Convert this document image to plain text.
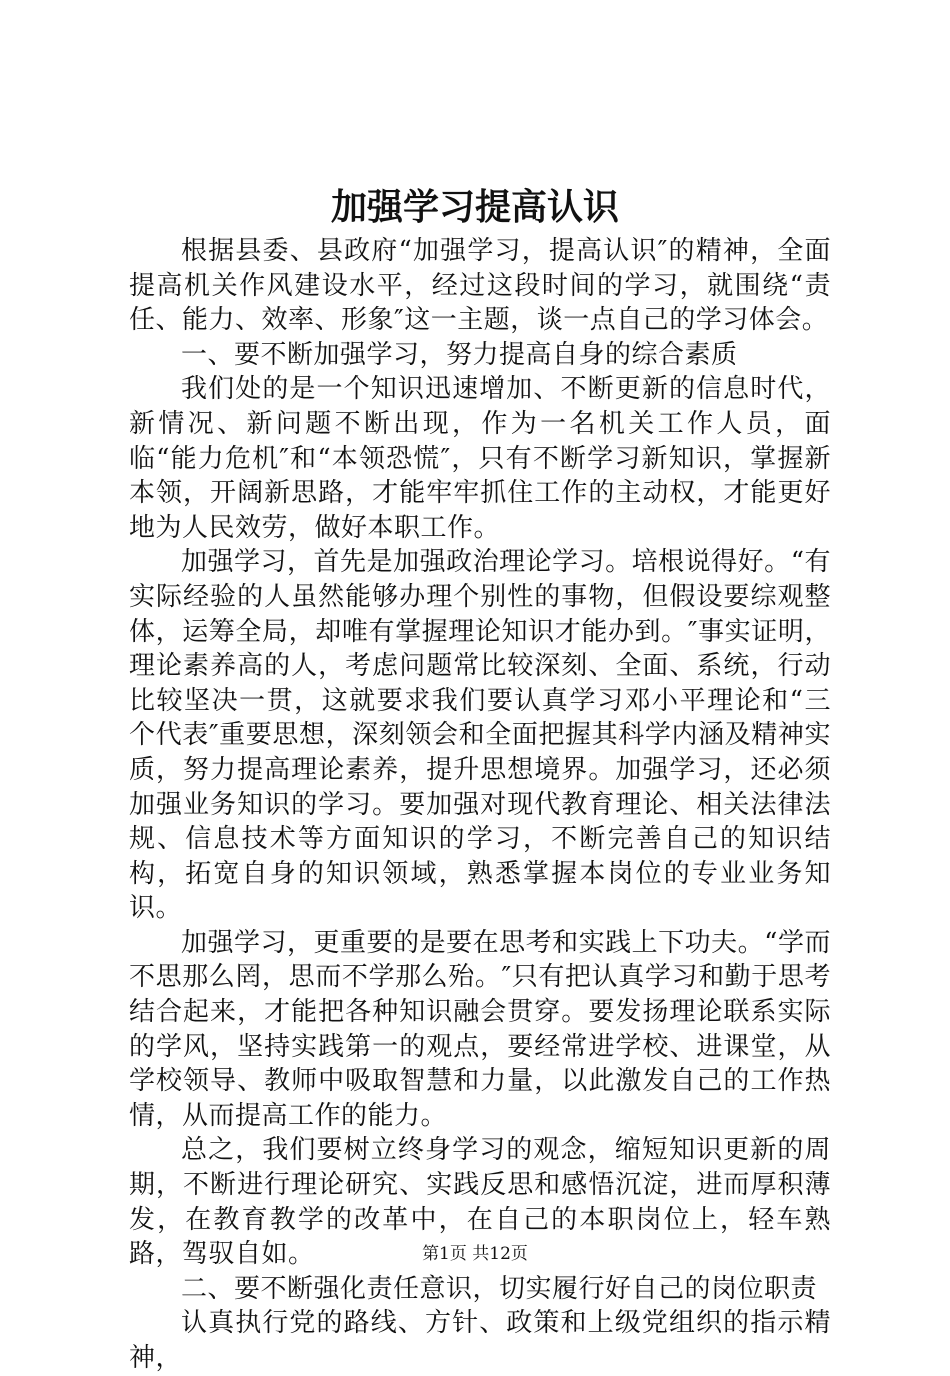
加强学习提高认识

根据县委、县政府“加强学习，提高认识″的精神，全面提高机关作风建设水平，经过这段时间的学习，就围绕“责任、能力、效率、形象″这一主题，谈一点自己的学习体会。

一、要不断加强学习，努力提高自身的综合素质

我们处的是一个知识迅速增加、不断更新的信息时代，新情况、新问题不断出现，作为一名机关工作人员，面临“能力危机″和“本领恐慌″，只有不断学习新知识，掌握新本领，开阔新思路，才能牢牢抓住工作的主动权，才能更好地为人民效劳，做好本职工作。

加强学习，首先是加强政治理论学习。培根说得好。“有实际经验的人虽然能够办理个别性的事物，但假设要综观整体，运筹全局，却唯有掌握理论知识才能办到。″事实证明，理论素养高的人，考虑问题常比较深刻、全面、系统，行动比较坚决一贯，这就要求我们要认真学习邓小平理论和“三个代表″重要思想，深刻领会和全面把握其科学内涵及精神实质，努力提高理论素养，提升思想境界。加强学习，还必须加强业务知识的学习。要加强对现代教育理论、相关法律法规、信息技术等方面知识的学习，不断完善自己的知识结构，拓宽自身的知识领域，熟悉掌握本岗位的专业业务知识。

加强学习，更重要的是要在思考和实践上下功夫。“学而不思那么罔，思而不学那么殆。″只有把认真学习和勤于思考结合起来，才能把各种知识融会贯穿。要发扬理论联系实际的学风，坚持实践第一的观点，要经常进学校、进课堂，从学校领导、教师中吸取智慧和力量，以此激发自己的工作热情，从而提高工作的能力。

总之，我们要树立终身学习的观念，缩短知识更新的周期，不断进行理论研究、实践反思和感悟沉淀，进而厚积薄发，在教育教学的改革中，在自己的本职岗位上，轻车熟路，驾驭自如。

二、要不断强化责任意识，切实履行好自己的岗位职责

认真执行党的路线、方针、政策和上级党组织的指示精神，

第1页 共12页
